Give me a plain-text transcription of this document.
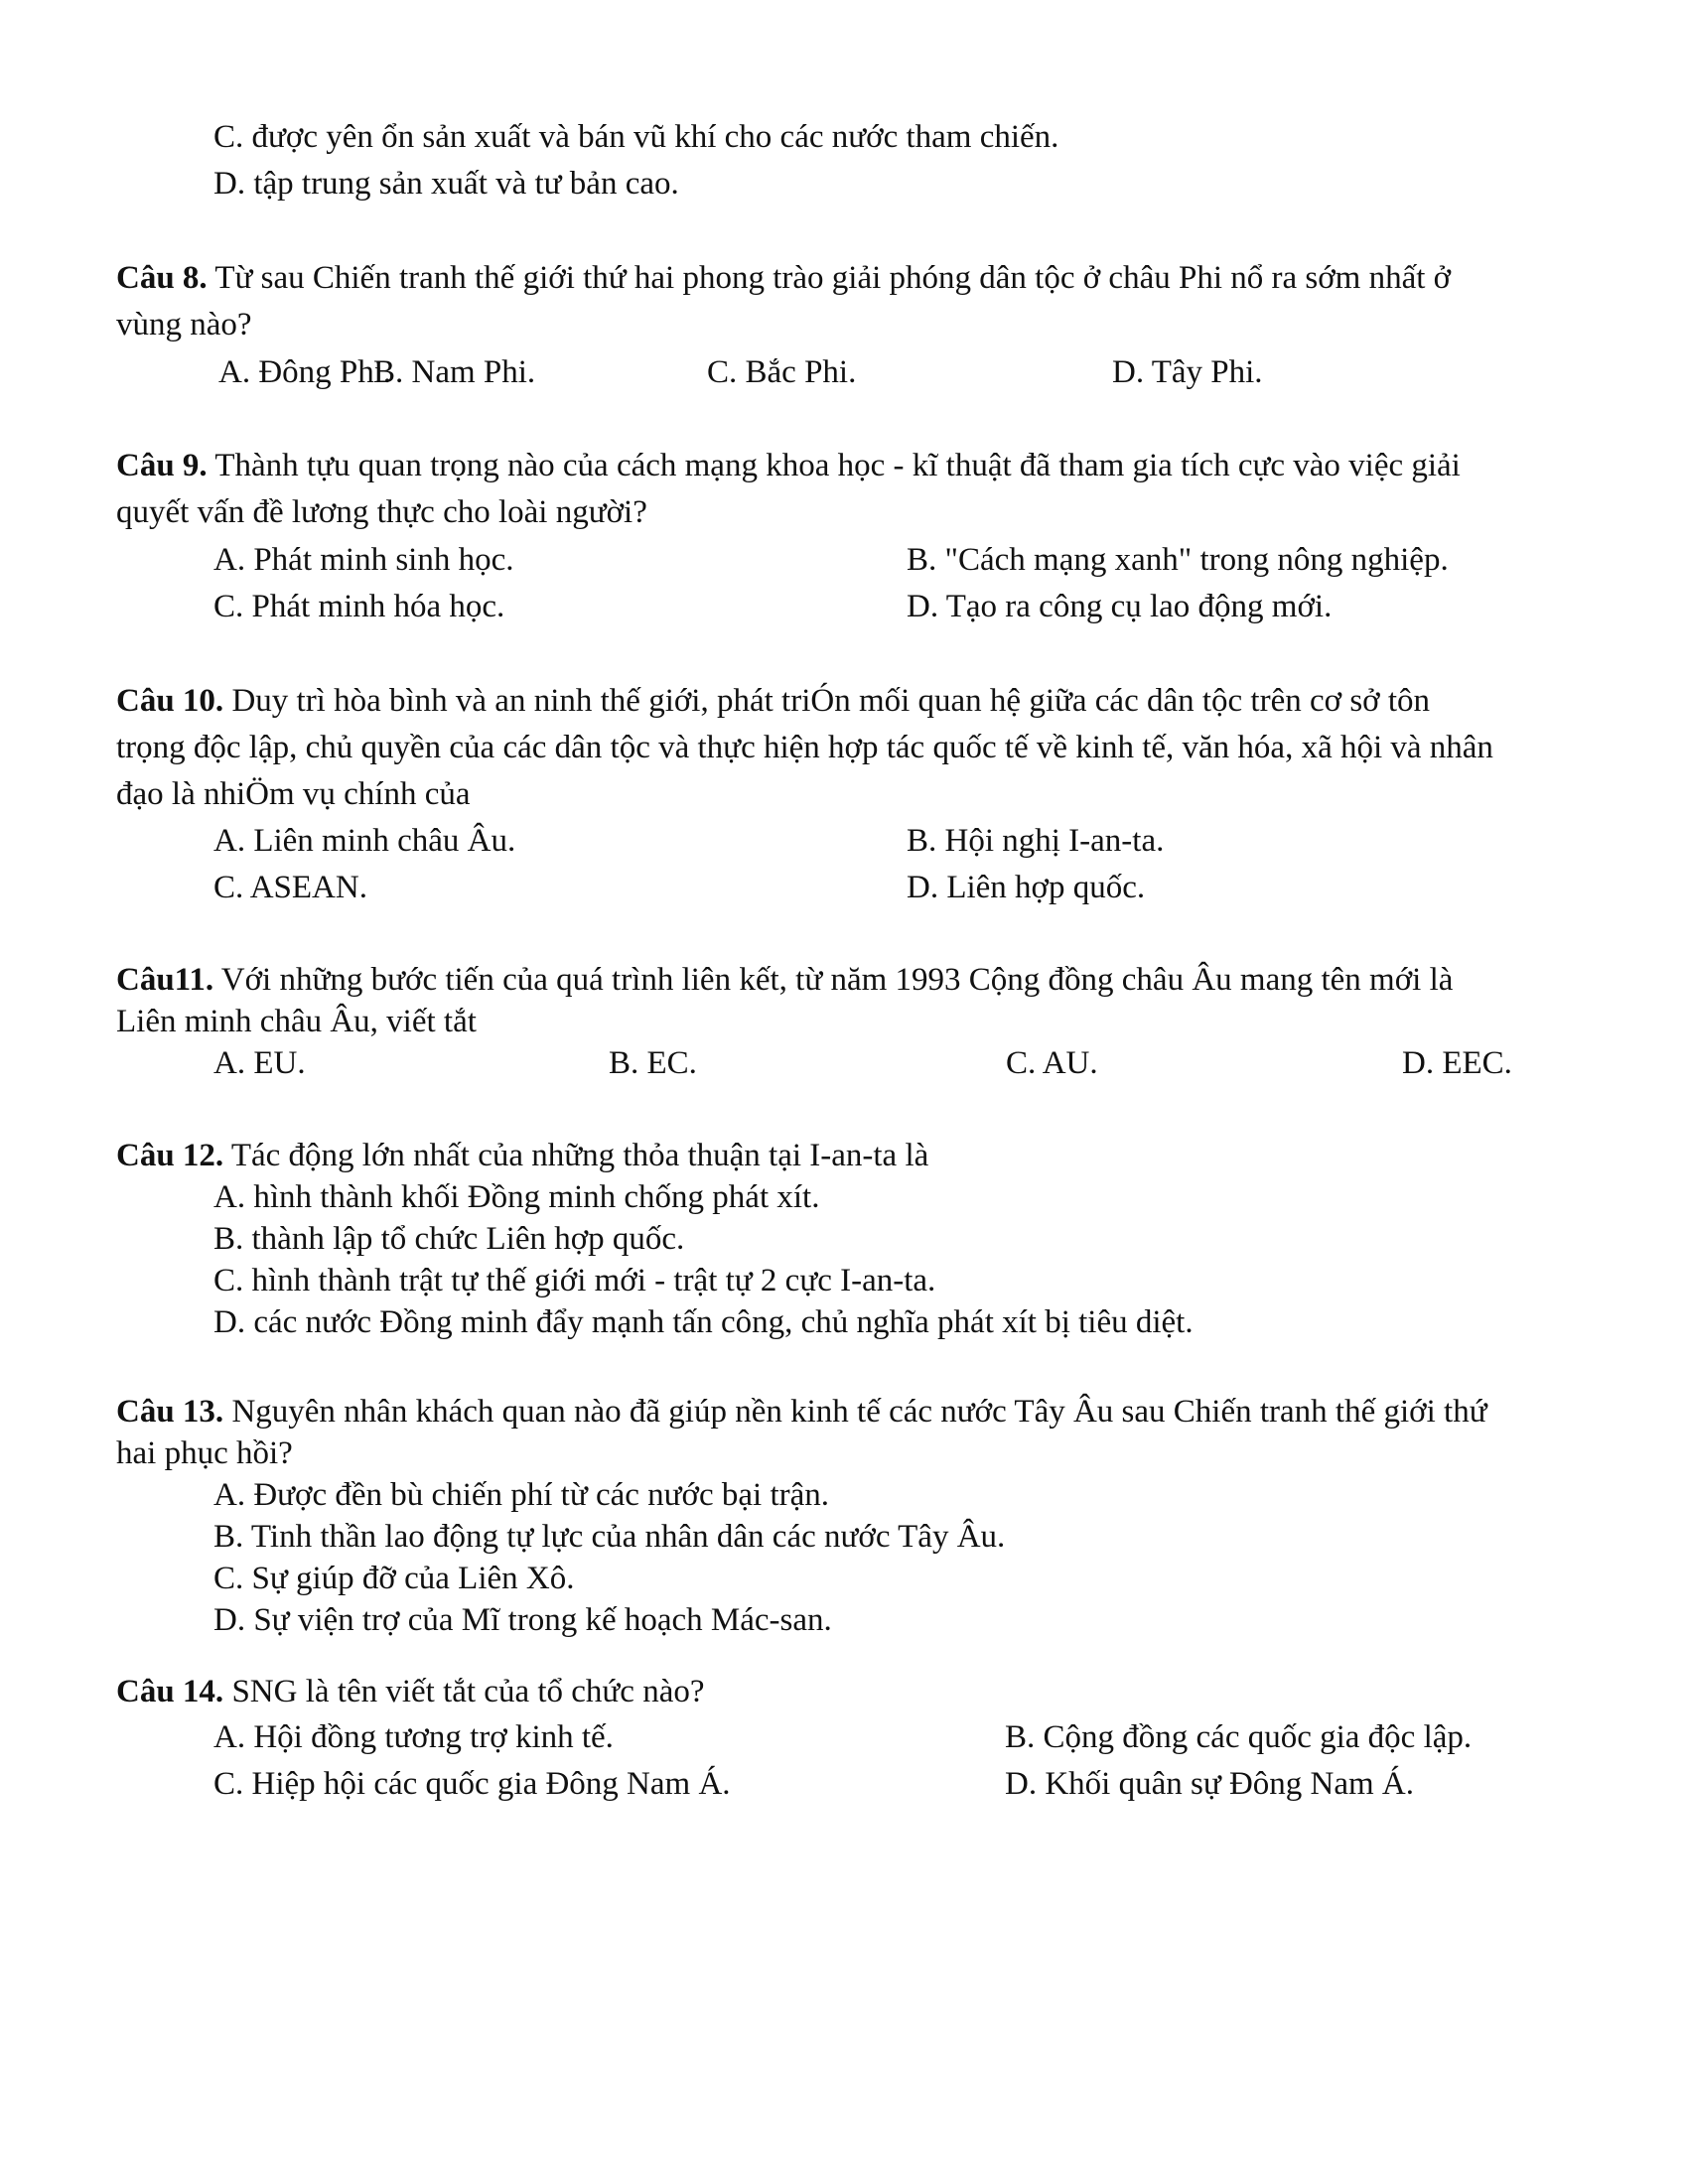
C. được yên ổn sản xuất và bán vũ khí cho các nước tham chiến.
D. tập trung sản xuất và tư bản cao.
Câu 8. Từ sau Chiến tranh thế giới thứ hai phong trào giải phóng dân tộc ở châu Phi nổ ra sớm nhất ở
vùng nào?
A. Đông Phi.
B. Nam Phi.	C. Bắc Phi.	D. Tây Phi.
Câu 9. Thành tựu quan trọng nào của cách mạng khoa học - kĩ thuật đã tham gia tích cực vào việc giải
quyết vấn đề lương thực cho loài người?
A. Phát minh sinh học.	B. "Cách mạng xanh" trong nông nghiệp.
C. Phát minh hóa học.	D. Tạo ra công cụ lao động mới.
Câu 10. Duy trì hòa bình và an ninh thế giới, phát triÓn mối quan hệ giữa các dân tộc trên cơ sở tôn
trọng độc lập, chủ quyền của các dân tộc và thực hiện hợp tác quốc tế về kinh tế, văn hóa, xã hội và nhân
đạo là nhiÖm vụ chính của
A. Liên minh châu Âu.	B. Hội nghị I-an-ta.
C. ASEAN.	D. Liên hợp quốc.
Câu11. Với những bước tiến của quá trình liên kết, từ năm 1993 Cộng đồng châu Âu mang tên mới là
Liên minh châu Âu, viết tắt
A. EU.	B. EC.	C. AU.	D. EEC.
Câu 12. Tác động lớn nhất của những thỏa thuận tại I-an-ta là
A. hình thành khối Đồng minh chống phát xít.
B. thành lập tổ chức Liên hợp quốc.
C. hình thành trật tự thế giới mới - trật tự 2 cực I-an-ta.
D. các nước Đồng minh đẩy mạnh tấn công, chủ nghĩa phát xít bị tiêu diệt.
Câu 13. Nguyên nhân khách quan nào đã giúp nền kinh tế các nước Tây Âu sau Chiến tranh thế giới thứ
hai phục hồi?
A. Được đền bù chiến phí từ các nước bại trận.
B. Tinh thần lao động tự lực của nhân dân các nước Tây Âu.
C. Sự giúp đỡ của Liên Xô.
D. Sự viện trợ của Mĩ trong kế hoạch Mác-san.
Câu 14. SNG là tên viết tắt của tổ chức nào?
A. Hội đồng tương trợ kinh tế.	B. Cộng đồng các quốc gia độc lập.
C. Hiệp hội các quốc gia Đông Nam Á.	D. Khối quân sự Đông Nam Á.
